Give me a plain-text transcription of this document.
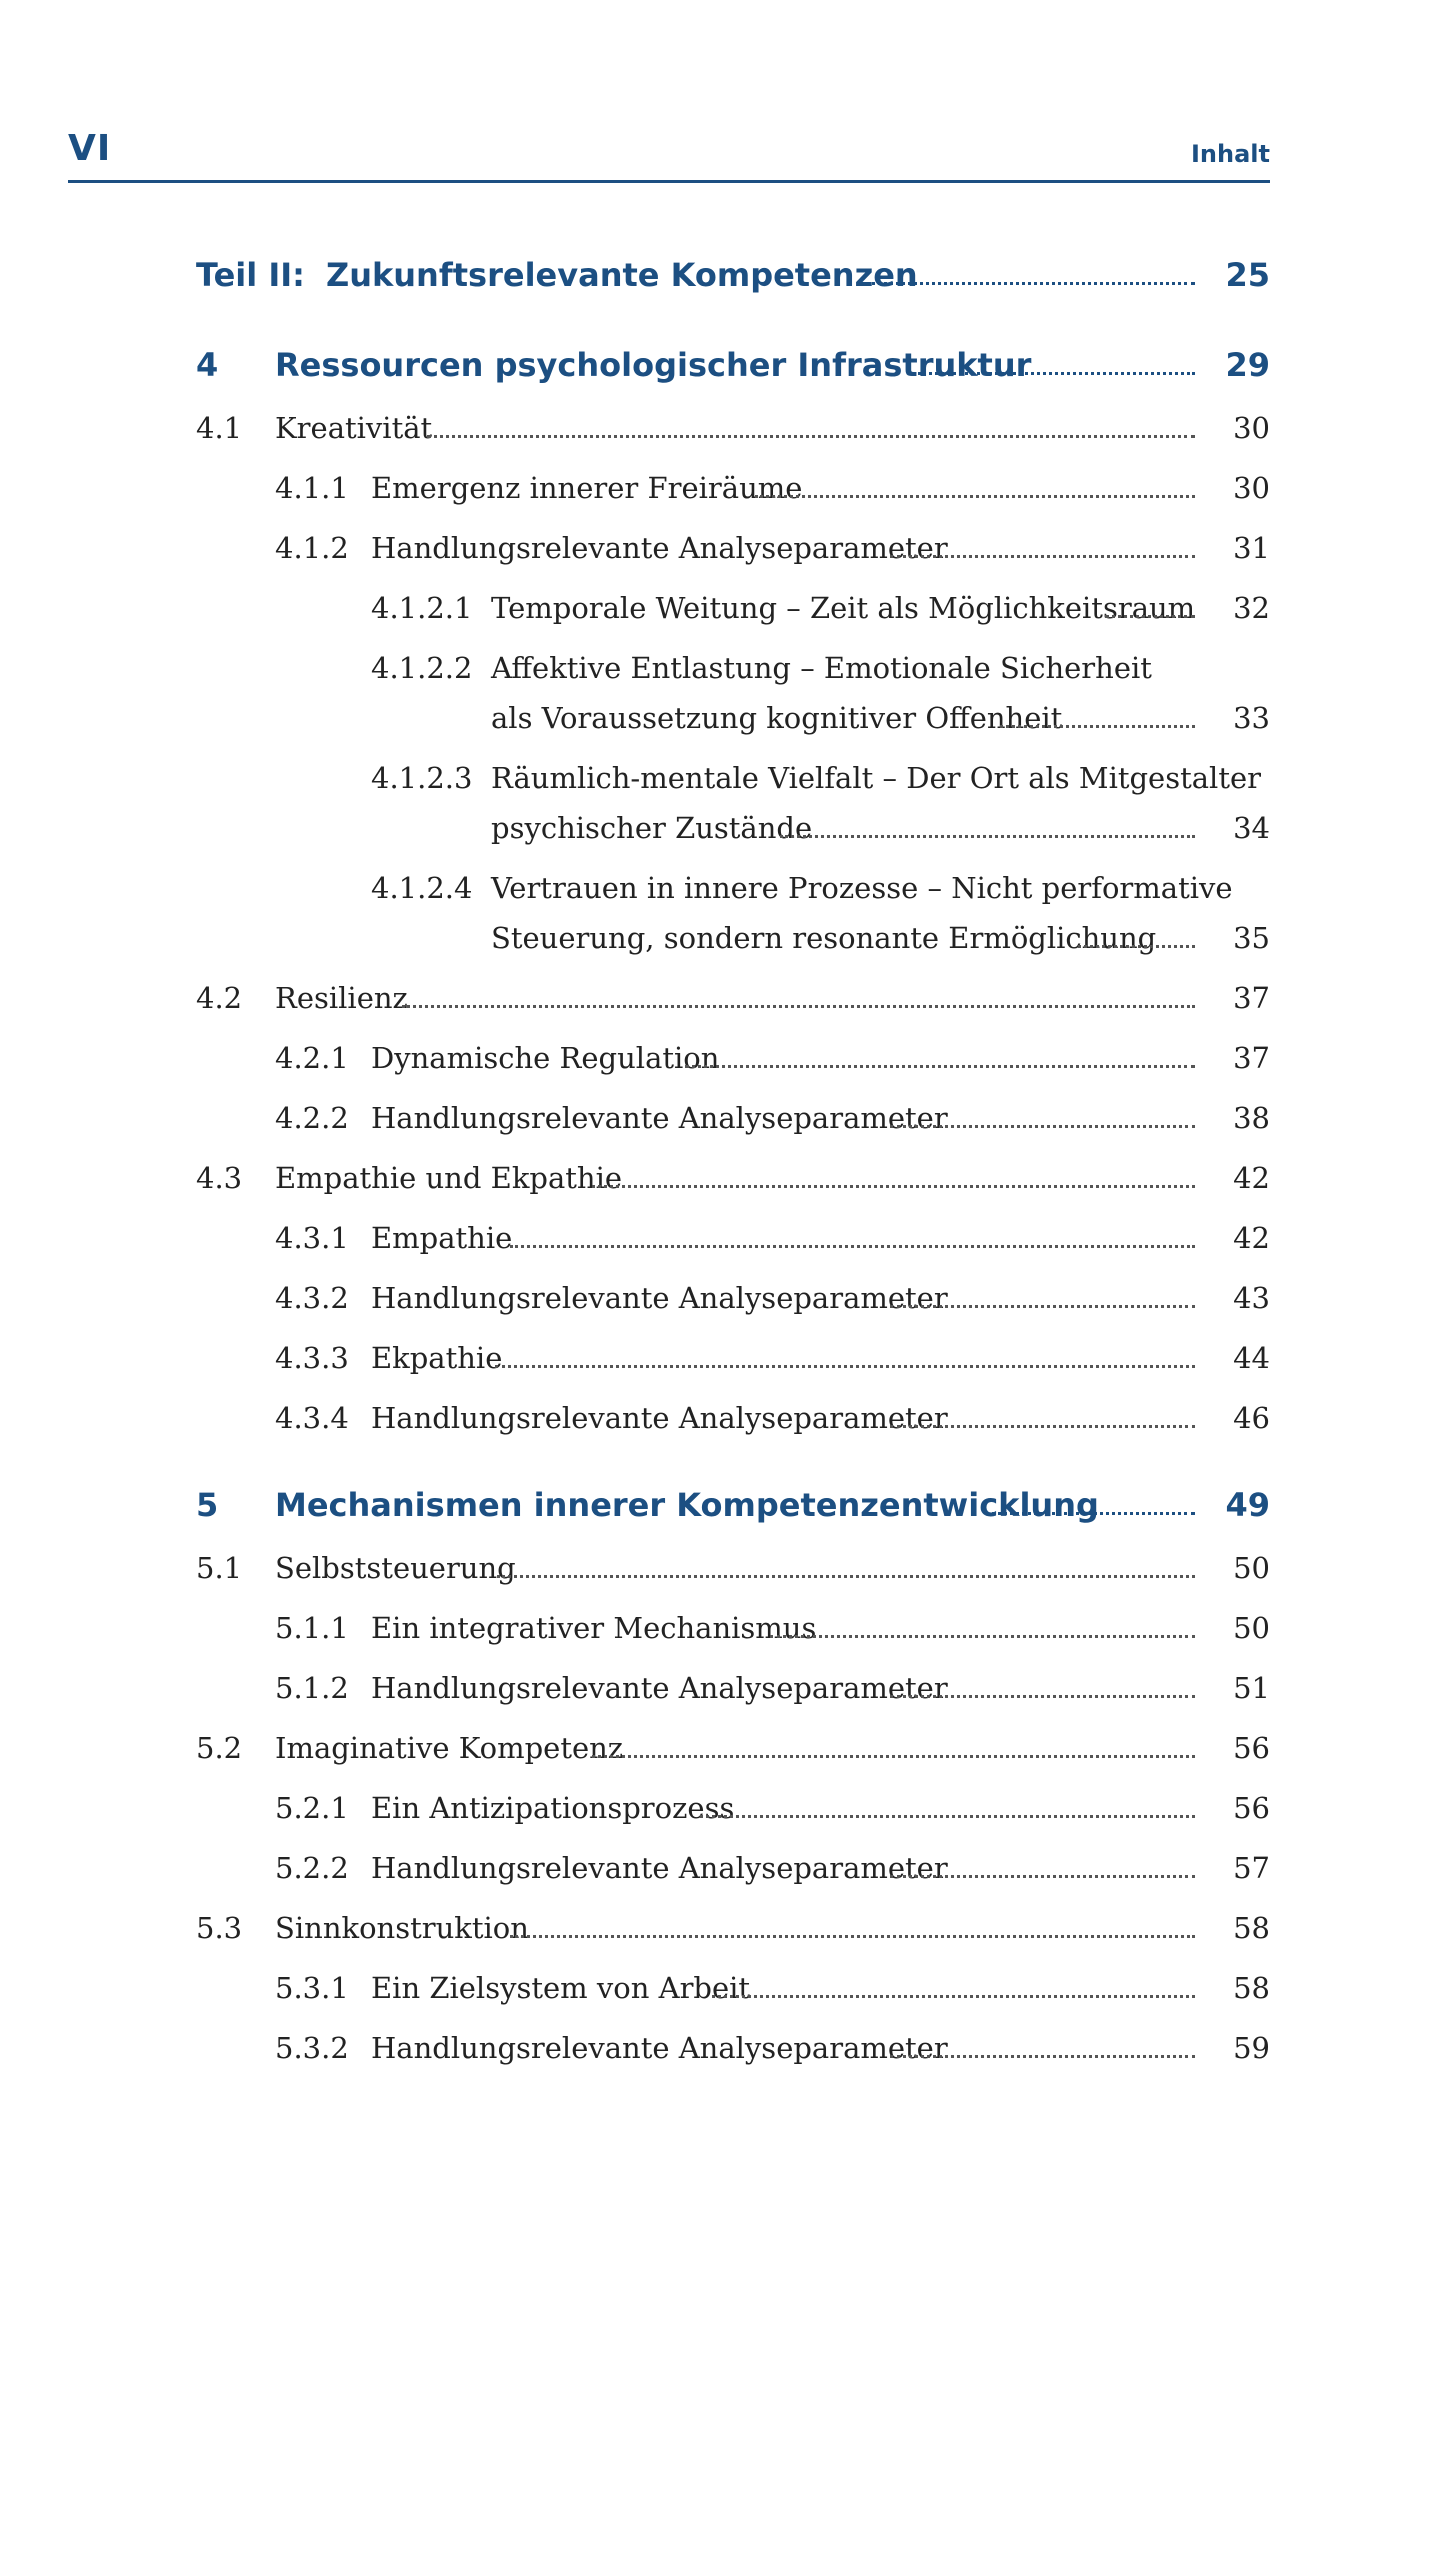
VI	Inhalt
Teil II: Zukunftsrelevante Kompetenzen	25
4 Ressourcen psychologischer Infrastruktur	29
4.1 Kreativität	30
4.1.1 Emergenz innerer Freiräume	30
4.1.2 Handlungsrelevante Analyseparameter	31
4.1.2.1 Temporale Weitung – Zeit als Möglichkeitsraum 32
4.1.2.2 Affektive Entlastung – Emotionale Sicherheit
als Voraussetzung kognitiver Offenheit	33
4.1.2.3 Räumlich-mentale Vielfalt – Der Ort als Mitgestalter
psychischer Zustände	34
4.1.2.4 Vertrauen in innere Prozesse – Nicht performative
Steuerung, sondern resonante Ermöglichung	35
4.2 Resilienz	37
4.2.1 Dynamische Regulation	37
4.2.2 Handlungsrelevante Analyseparameter	38
4.3 Empathie und Ekpathie	42
4.3.1 Empathie	42
4.3.2 Handlungsrelevante Analyseparameter	43
4.3.3 Ekpathie	44
4.3.4 Handlungsrelevante Analyseparameter	46
5 Mechanismen innerer Kompetenzentwicklung	49
5.1 Selbststeuerung	50
5.1.1 Ein integrativer Mechanismus	50
5.1.2 Handlungsrelevante Analyseparameter	51
5.2 Imaginative Kompetenz	56
5.2.1 Ein Antizipationsprozess	56
5.2.2 Handlungsrelevante Analyseparameter	57
5.3 Sinnkonstruktion	58
5.3.1 Ein Zielsystem von Arbeit	58
5.3.2 Handlungsrelevante Analyseparameter	59
